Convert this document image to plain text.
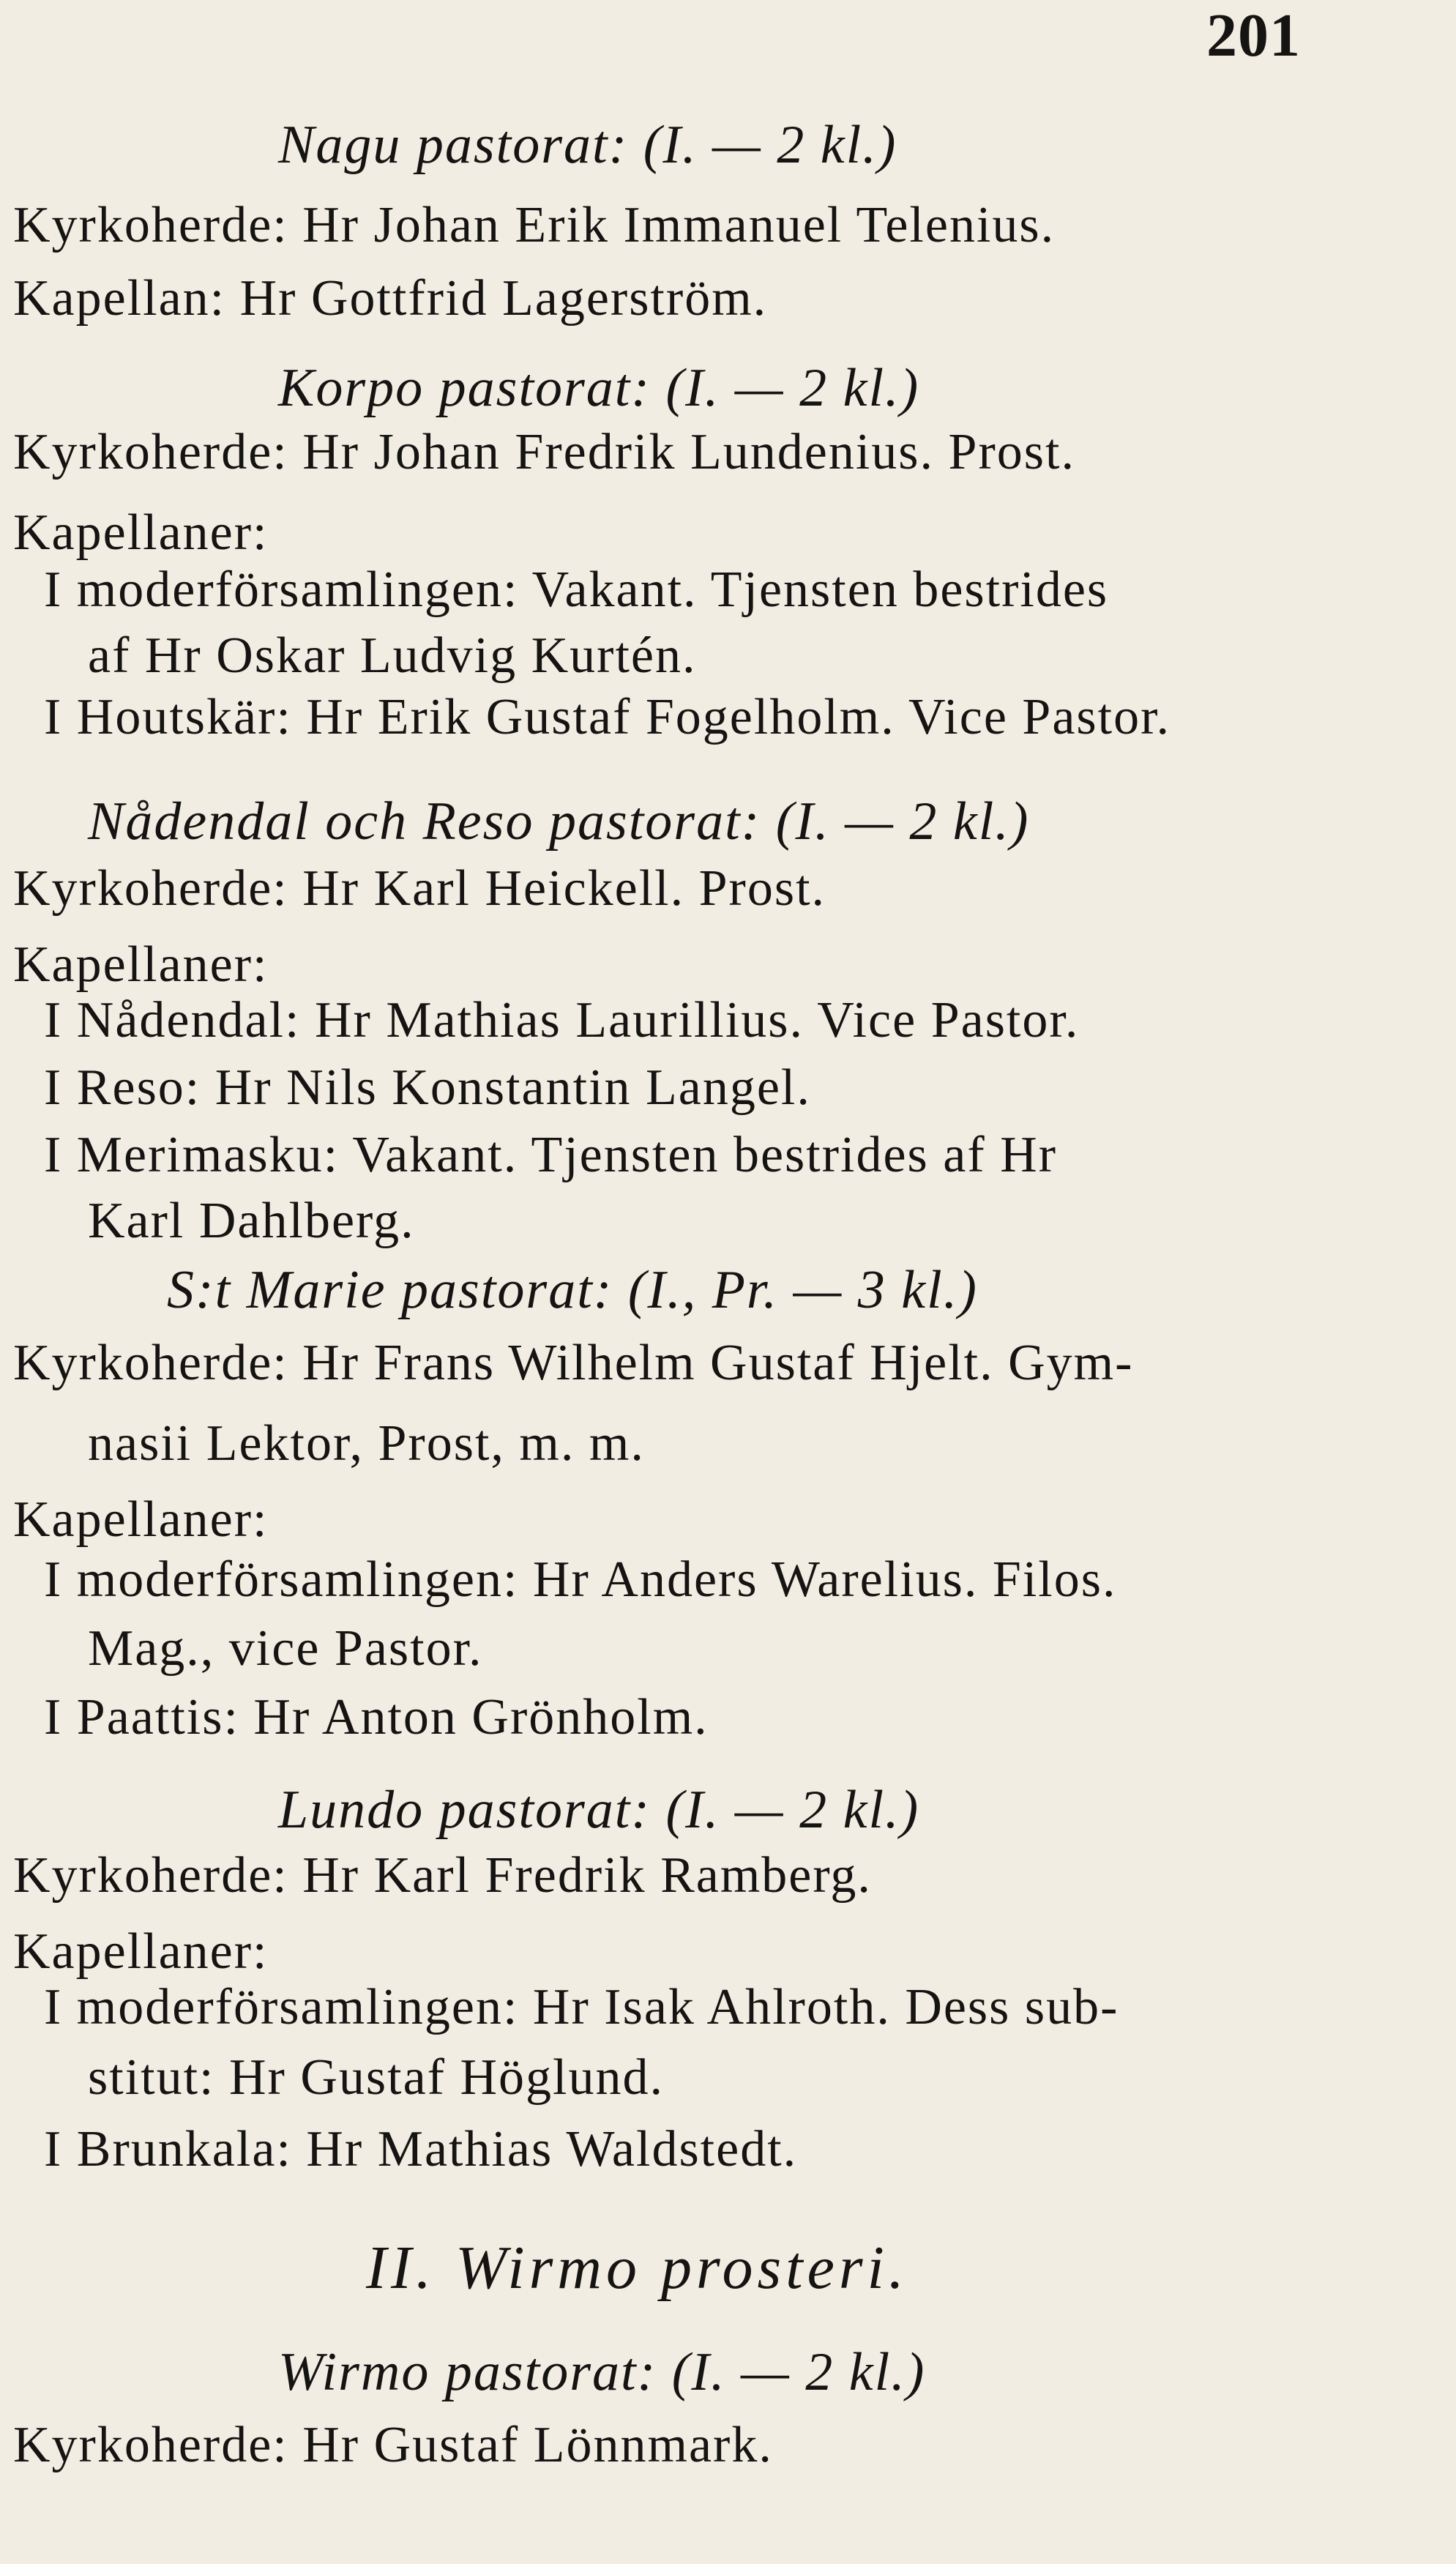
201
Nagu pastorat: (I. — 2 kl.)
Kyrkoherde: Hr Johan Erik Immanuel Telenius.
Kapellan: Hr Gottfrid Lagerström.
Korpo pastorat: (I. — 2 kl.)
Kyrkoherde: Hr Johan Fredrik Lundenius. Prost.
Kapellaner:
I moderförsamlingen: Vakant. Tjensten bestrides
af Hr Oskar Ludvig Kurtén.
I Houtskär: Hr Erik Gustaf Fogelholm. Vice Pastor.
Nådendal och Reso pastorat: (I. — 2 kl.)
Kyrkoherde: Hr Karl Heickell. Prost.
Kapellaner:
I Nådendal: Hr Mathias Laurillius. Vice Pastor.
I Reso: Hr Nils Konstantin Langel.
I Merimasku: Vakant. Tjensten bestrides af Hr
Karl Dahlberg.
S:t Marie pastorat: (I., Pr. — 3 kl.)
Kyrkoherde: Hr Frans Wilhelm Gustaf Hjelt. Gym-
nasii Lektor, Prost, m. m.
Kapellaner:
I moderförsamlingen: Hr Anders Warelius. Filos.
Mag., vice Pastor.
I Paattis: Hr Anton Grönholm.
Lundo pastorat: (I. — 2 kl.)
Kyrkoherde: Hr Karl Fredrik Ramberg.
Kapellaner:
I moderförsamlingen: Hr Isak Ahlroth. Dess sub-
stitut: Hr Gustaf Höglund.
I Brunkala: Hr Mathias Waldstedt.
II. Wirmo prosteri.
Wirmo pastorat: (I. — 2 kl.)
Kyrkoherde: Hr Gustaf Lönnmark.
